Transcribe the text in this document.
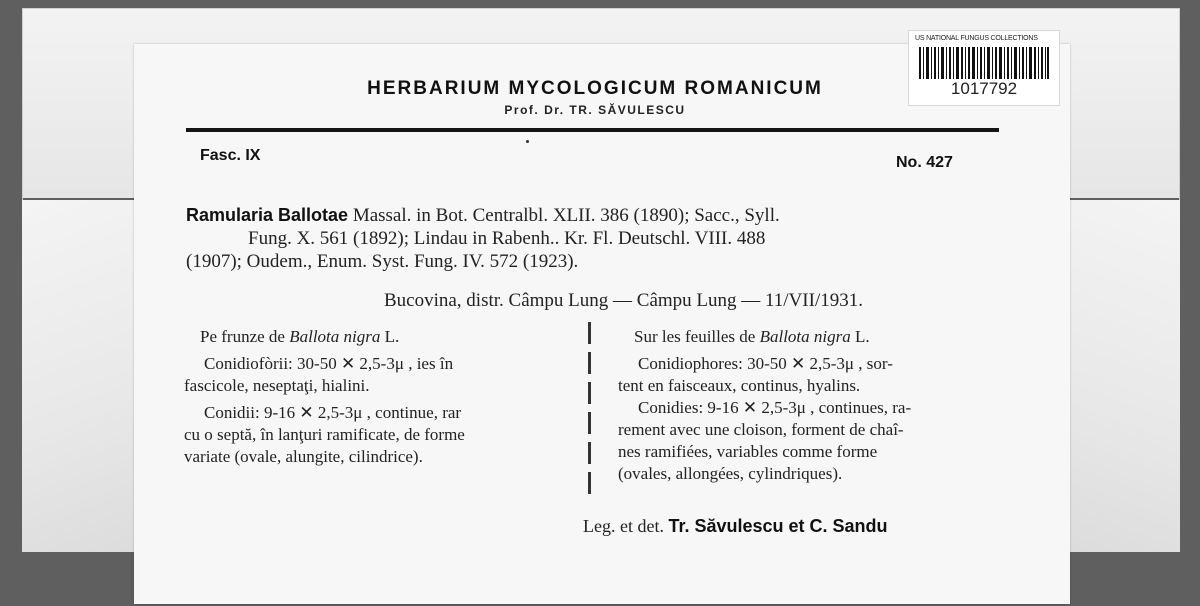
US NATIONAL FUNGUS COLLECTIONS
1017792
HERBARIUM MYCOLOGICUM ROMANICUM
Prof. Dr. TR. SĂVULESCU
Fasc. IX	No. 427
Ramularia Ballotae Massal. in Bot. Centralbl. XLII. 386 (1890); Sacc., Syll.
Fung. X. 561 (1892); Lindau in Rabenh.. Kr. Fl. Deutschl. VIII. 488
(1907); Oudem., Enum. Syst. Fung. IV. 572 (1923).
Bucovina, distr. Câmpu Lung — Câmpu Lung — 11/VII/1931.

Pe frunze de Ballota nigra L.

Conidiofòrii: 30-50 ✕ 2,5-3μ , ies în
fascicole, neseptaţi, hialini.

Conidii: 9-16 ✕ 2,5-3μ , continue, rar
cu o septă, în lanţuri ramificate, de forme
variate (ovale, alungite, cilindrice).

Sur les feuilles de Ballota nigra L.

Conidiophores: 30-50 ✕ 2,5-3μ , sor-
tent en faisceaux, continus, hyalins.

Conidies: 9-16 ✕ 2,5-3μ , continues, ra-
rement avec une cloison, forment de chaî-
nes ramifiées, variables comme forme
(ovales, allongées, cylindriques).

Leg. et det. Tr. Săvulescu et C. Sandu
